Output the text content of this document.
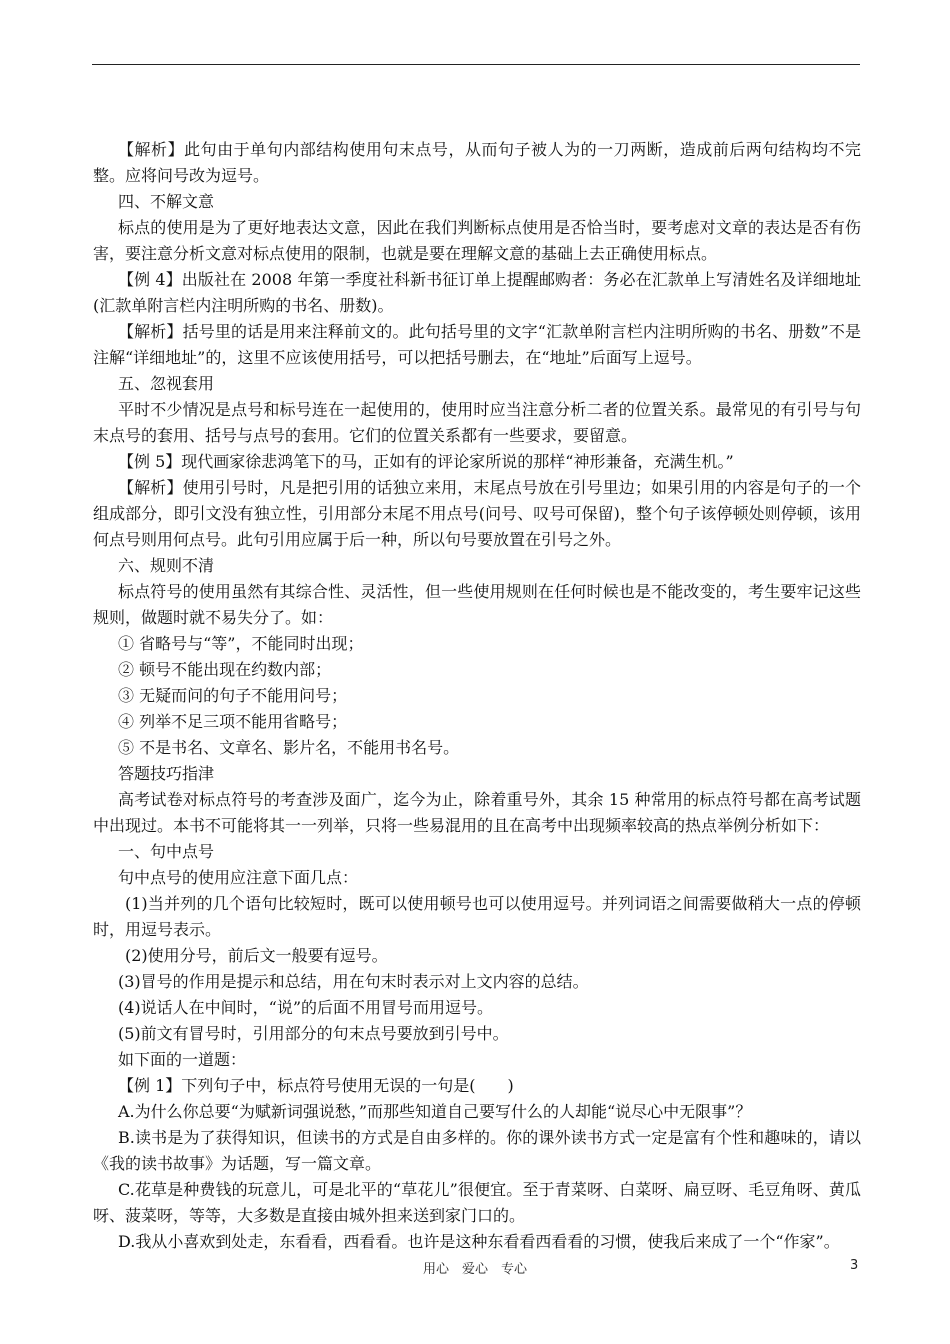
【解析】此句由于单句内部结构使用句末点号，从而句子被人为的一刀两断，造成前后两句结构均不完整。应将问号改为逗号。

四、不解文意

标点的使用是为了更好地表达文意，因此在我们判断标点使用是否恰当时，要考虑对文章的表达是否有伤害，要注意分析文意对标点使用的限制，也就是要在理解文意的基础上去正确使用标点。

【例 4】出版社在 2008 年第一季度社科新书征订单上提醒邮购者：务必在汇款单上写清姓名及详细地址(汇款单附言栏内注明所购的书名、册数)。

【解析】括号里的话是用来注释前文的。此句括号里的文字“汇款单附言栏内注明所购的书名、册数”不是注解“详细地址”的，这里不应该使用括号，可以把括号删去，在“地址”后面写上逗号。

五、忽视套用

平时不少情况是点号和标号连在一起使用的，使用时应当注意分析二者的位置关系。最常见的有引号与句末点号的套用、括号与点号的套用。它们的位置关系都有一些要求，要留意。

【例 5】现代画家徐悲鸿笔下的马，正如有的评论家所说的那样“神形兼备，充满生机。”

【解析】使用引号时，凡是把引用的话独立来用，末尾点号放在引号里边；如果引用的内容是句子的一个组成部分，即引文没有独立性，引用部分末尾不用点号(问号、叹号可保留)，整个句子该停顿处则停顿，该用何点号则用何点号。此句引用应属于后一种，所以句号要放置在引号之外。

六、规则不清

标点符号的使用虽然有其综合性、灵活性，但一些使用规则在任何时候也是不能改变的，考生要牢记这些规则，做题时就不易失分了。如：

① 省略号与“等”，不能同时出现；

② 顿号不能出现在约数内部；

③ 无疑而问的句子不能用问号；

④ 列举不足三项不能用省略号；

⑤ 不是书名、文章名、影片名，不能用书名号。

答题技巧指津

高考试卷对标点符号的考查涉及面广，迄今为止，除着重号外，其余 15 种常用的标点符号都在高考试题中出现过。本书不可能将其一一列举，只将一些易混用的且在高考中出现频率较高的热点举例分析如下：

一、句中点号

句中点号的使用应注意下面几点：

(1)当并列的几个语句比较短时，既可以使用顿号也可以使用逗号。并列词语之间需要做稍大一点的停顿时，用逗号表示。

(2)使用分号，前后文一般要有逗号。

(3)冒号的作用是提示和总结，用在句末时表示对上文内容的总结。

(4)说话人在中间时，“说”的后面不用冒号而用逗号。

(5)前文有冒号时，引用部分的句末点号要放到引号中。

如下面的一道题：

【例 1】下列句子中，标点符号使用无误的一句是(　　)

A.为什么你总要“为赋新词强说愁，”而那些知道自己要写什么的人却能“说尽心中无限事”？

B.读书是为了获得知识，但读书的方式是自由多样的。你的课外读书方式一定是富有个性和趣味的，请以《我的读书故事》为话题，写一篇文章。

C.花草是种费钱的玩意儿，可是北平的“草花儿”很便宜。至于青菜呀、白菜呀、扁豆呀、毛豆角呀、黄瓜呀、菠菜呀，等等，大多数是直接由城外担来送到家门口的。

D.我从小喜欢到处走，东看看，西看看。也许是这种东看看西看看的习惯，使我后来成了一个“作家”。

用心　爱心　专心	3
